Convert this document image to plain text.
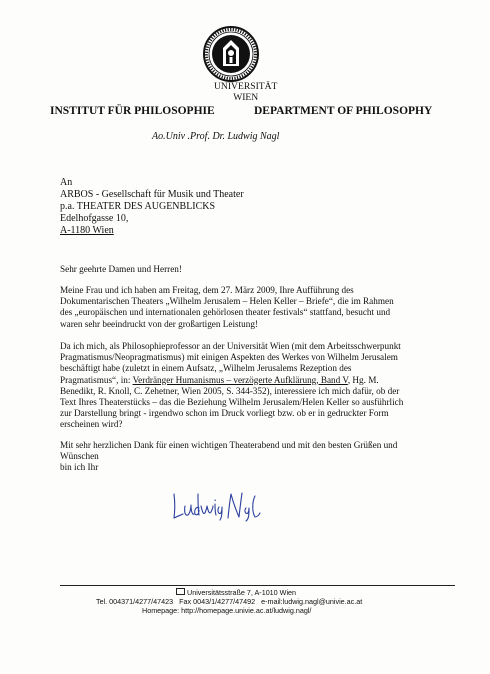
UNIVERSITÄT
WIEN
INSTITUT FÜR PHILOSOPHIE	DEPARTMENT OF PHILOSOPHY
Ao.Univ .Prof. Dr. Ludwig Nagl
An
ARBOS - Gesellschaft für Musik und Theater
p.a. THEATER DES AUGENBLICKS
Edelhofgasse 10,
A-1180 Wien
Sehr geehrte Damen und Herren!
Meine Frau und ich haben am Freitag, dem 27. März 2009, Ihre Aufführung des
Dokumentarischen Theaters „Wilhelm Jerusalem – Helen Keller – Briefe“, die im Rahmen
des „europäischen und internationalen gehörlosen theater festivals“ stattfand, besucht und
waren sehr beeindruckt von der großartigen Leistung!
Da ich mich, als Philosophieprofessor an der Universität Wien (mit dem Arbeitsschwerpunkt
Pragmatismus/Neopragmatismus) mit einigen Aspekten des Werkes von Wilhelm Jerusalem
beschäftigt habe (zuletzt in einem Aufsatz, „Wilhelm Jerusalems Rezeption des
Pragmatismus“, in: Verdränger Humanismus – verzögerte Aufklärung, Band V, Hg. M.
Benedikt, R. Knoll, C. Zehetner, Wien 2005, S. 344-352), interessiere ich mich dafür, ob der
Text Ihres Theaterstücks – das die Beziehung Wilhelm Jerusalem/Helen Keller so ausführlich
zur Darstellung bringt - irgendwo schon im Druck vorliegt bzw. ob er in gedruckter Form
erscheinen wird?
Mit sehr herzlichen Dank für einen wichtigen Theaterabend und mit den besten Grüßen und
Wünschen
bin ich Ihr
Universitätsstraße 7, A-1010 Wien
Tel. 004371/4277/47423 Fax 0043/1/4277/47492 e-mail:ludwig.nagl@univie.ac.at
Homepage: http://homepage.univie.ac.at/ludwig.nagl/
